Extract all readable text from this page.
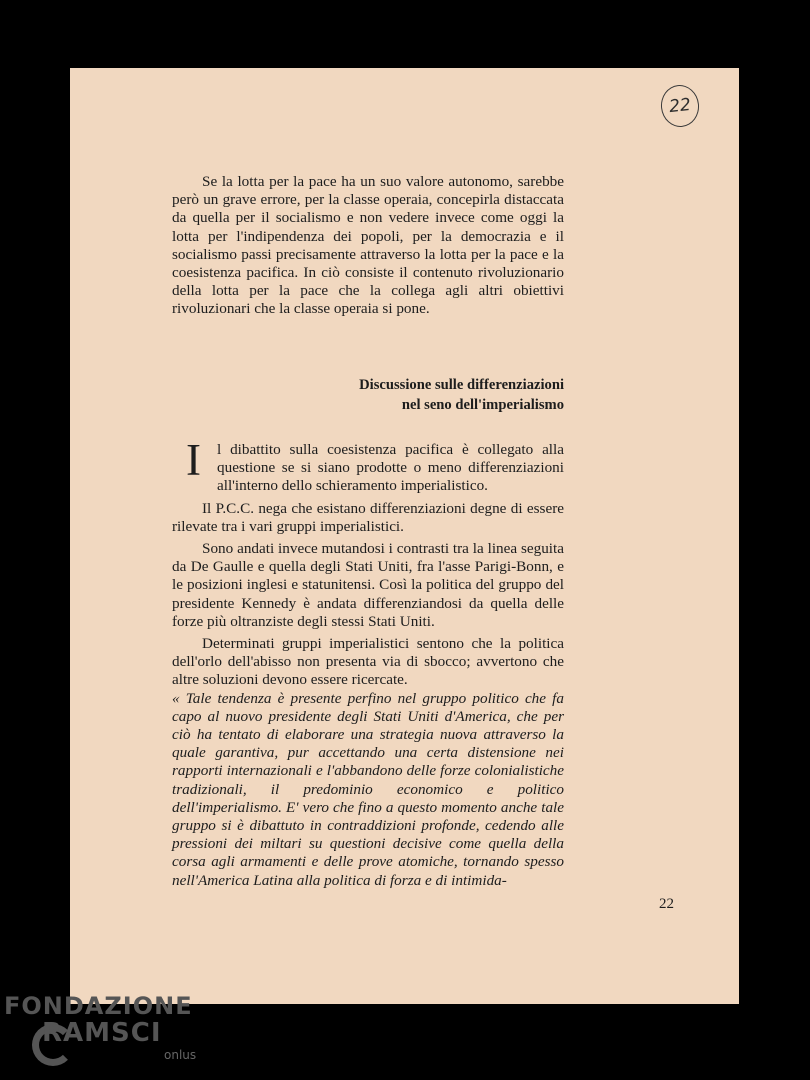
22

Se la lotta per la pace ha un suo valore autonomo, sarebbe però un grave errore, per la classe operaia, concepirla distaccata da quella per il socialismo e non vedere invece come oggi la lotta per l'indipendenza dei popoli, per la democrazia e il socialismo passi precisamente attraverso la lotta per la pace e la coesistenza pacifica. In ciò consiste il contenuto rivoluzionario della lotta per la pace che la collega agli altri obiettivi rivoluzionari che la classe operaia si pone.

Discussione sulle differenziazioni
nel seno dell'imperialismo

I l dibattito sulla coesistenza pacifica è collegato alla questione se si siano prodotte o meno differenziazioni all'interno dello schieramento imperialistico.

Il P.C.C. nega che esistano differenziazioni degne di essere rilevate tra i vari gruppi imperialistici.

Sono andati invece mutandosi i contrasti tra la linea seguita da De Gaulle e quella degli Stati Uniti, fra l'asse Parigi-Bonn, e le posizioni inglesi e statunitensi. Così la politica del gruppo del presidente Kennedy è andata differenziandosi da quella delle forze più oltranziste degli stessi Stati Uniti.

Determinati gruppi imperialistici sentono che la politica dell'orlo dell'abisso non presenta via di sbocco; avvertono che altre soluzioni devono essere ricercate.

« Tale tendenza è presente perfino nel gruppo politico che fa capo al nuovo presidente degli Stati Uniti d'America, che per ciò ha tentato di elaborare una strategia nuova attraverso la quale garantiva, pur accettando una certa distensione nei rapporti internazionali e l'abbandono delle forze colonialistiche tradizionali, il predominio economico e politico dell'imperialismo. E' vero che fino a questo momento anche tale gruppo si è dibattuto in contraddizioni profonde, cedendo alle pressioni dei miltari su questioni decisive come quella della corsa agli armamenti e delle prove atomiche, tornando spesso nell'America Latina alla politica di forza e di intimida-

22
FONDAZIONE
RAMSCI
onlus
